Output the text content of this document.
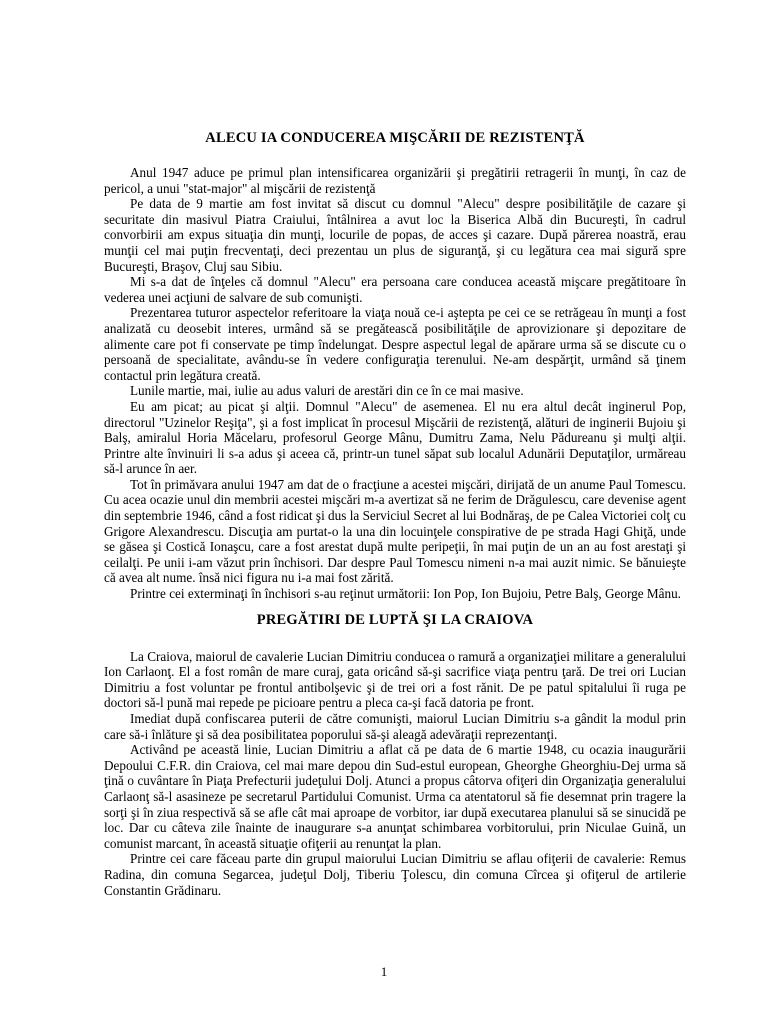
ALECU IA CONDUCEREA MIŞCĂRII DE REZISTENŢĂ

Anul 1947 aduce pe primul plan intensificarea organizării şi pregătirii retragerii în munţi, în caz de pericol, a unui "stat-major" al mişcării de rezistenţă

Pe data de 9 martie am fost invitat să discut cu domnul "Alecu" despre posibilităţile de cazare şi securitate din masivul Piatra Craiului, întâlnirea a avut loc la Biserica Albă din Bucureşti, în cadrul convorbirii am expus situaţia din munţi, locurile de popas, de acces şi cazare. După părerea noastră, erau munţii cel mai puţin frecventaţi, deci prezentau un plus de siguranţă, şi cu legătura cea mai sigură spre Bucureşti, Braşov, Cluj sau Sibiu.

Mi s-a dat de înţeles că domnul "Alecu" era persoana care conducea această mişcare pregătitoare în vederea unei acţiuni de salvare de sub comunişti.

Prezentarea tuturor aspectelor referitoare la viaţa nouă ce-i aştepta pe cei ce se retrăgeau în munţi a fost analizată cu deosebit interes, urmând să se pregătească posibilităţile de aprovizionare şi depozitare de alimente care pot fi conservate pe timp îndelungat. Despre aspectul legal de apărare urma să se discute cu o persoană de specialitate, avându-se în vedere configuraţia terenului. Ne-am despărţit, urmând să ţinem contactul prin legătura creată.

Lunile martie, mai, iulie au adus valuri de arestări din ce în ce mai masive.

Eu am picat; au picat şi alţii. Domnul "Alecu" de asemenea. El nu era altul decât inginerul Pop, directorul "Uzinelor Reşiţa", şi a fost implicat în procesul Mişcării de rezistenţă, alături de inginerii Bujoiu şi Balş, amiralul Horia Măcelaru, profesorul George Mânu, Dumitru Zama, Nelu Pădureanu şi mulţi alţii. Printre alte învinuiri li s-a adus şi aceea că, printr-un tunel săpat sub localul Adunării Deputaţilor, urmăreau să-l arunce în aer.

Tot în primăvara anului 1947 am dat de o fracţiune a acestei mişcări, dirijată de un anume Paul Tomescu. Cu acea ocazie unul din membrii acestei mişcări m-a avertizat să ne ferim de Drăgulescu, care devenise agent din septembrie 1946, când a fost ridicat şi dus la Serviciul Secret al lui Bodnăraş, de pe Calea Victoriei colţ cu Grigore Alexandrescu. Discuţia am purtat-o la una din locuinţele conspirative de pe strada Hagi Ghiţă, unde se găsea şi Costică Ionaşcu, care a fost arestat după multe peripeţii, în mai puţin de un an au fost arestaţi şi ceilalţi. Pe unii i-am văzut prin închisori. Dar despre Paul Tomescu nimeni n-a mai auzit nimic. Se bănuieşte că avea alt nume. însă nici figura nu i-a mai fost zărită.

Printre cei exterminaţi în închisori s-au reţinut următorii: Ion Pop, Ion Bujoiu, Petre Balş, George Mânu.

PREGĂTIRI DE LUPTĂ ŞI LA CRAIOVA

La Craiova, maiorul de cavalerie Lucian Dimitriu conducea o ramură a organizaţiei militare a generalului Ion Carlaonţ. El a fost român de mare curaj, gata oricând să-şi sacrifice viaţa pentru ţară. De trei ori Lucian Dimitriu a fost voluntar pe frontul antibolşevic şi de trei ori a fost rănit. De pe patul spitalului îi ruga pe doctori să-l pună mai repede pe picioare pentru a pleca ca-şi facă datoria pe front.

Imediat după confiscarea puterii de către comunişti, maiorul Lucian Dimitriu s-a gândit la modul prin care să-i înlăture şi să dea posibilitatea poporului să-şi aleagă adevăraţii reprezentanţi.

Activând pe această linie, Lucian Dimitriu a aflat că pe data de 6 martie 1948, cu ocazia inaugurării Depoului C.F.R. din Craiova, cel mai mare depou din Sud-estul european, Gheorghe Gheorghiu-Dej urma să ţină o cuvântare în Piaţa Prefecturii judeţului Dolj. Atunci a propus câtorva ofiţeri din Organizaţia generalului Carlaonţ să-l asasineze pe secretarul Partidului Comunist. Urma ca atentatorul să fie desemnat prin tragere la sorţi şi în ziua respectivă să se afle cât mai aproape de vorbitor, iar după executarea planului să se sinucidă pe loc. Dar cu câteva zile înainte de inaugurare s-a anunţat schimbarea vorbitorului, prin Niculae Guină, un comunist marcant, în această situaţie ofiţerii au renunţat la plan.

Printre cei care făceau parte din grupul maiorului Lucian Dimitriu se aflau ofiţerii de cavalerie: Remus Radina, din comuna Segarcea, judeţul Dolj, Tiberiu Ţolescu, din comuna Cîrcea şi ofiţerul de artilerie Constantin Grădinaru.

1
